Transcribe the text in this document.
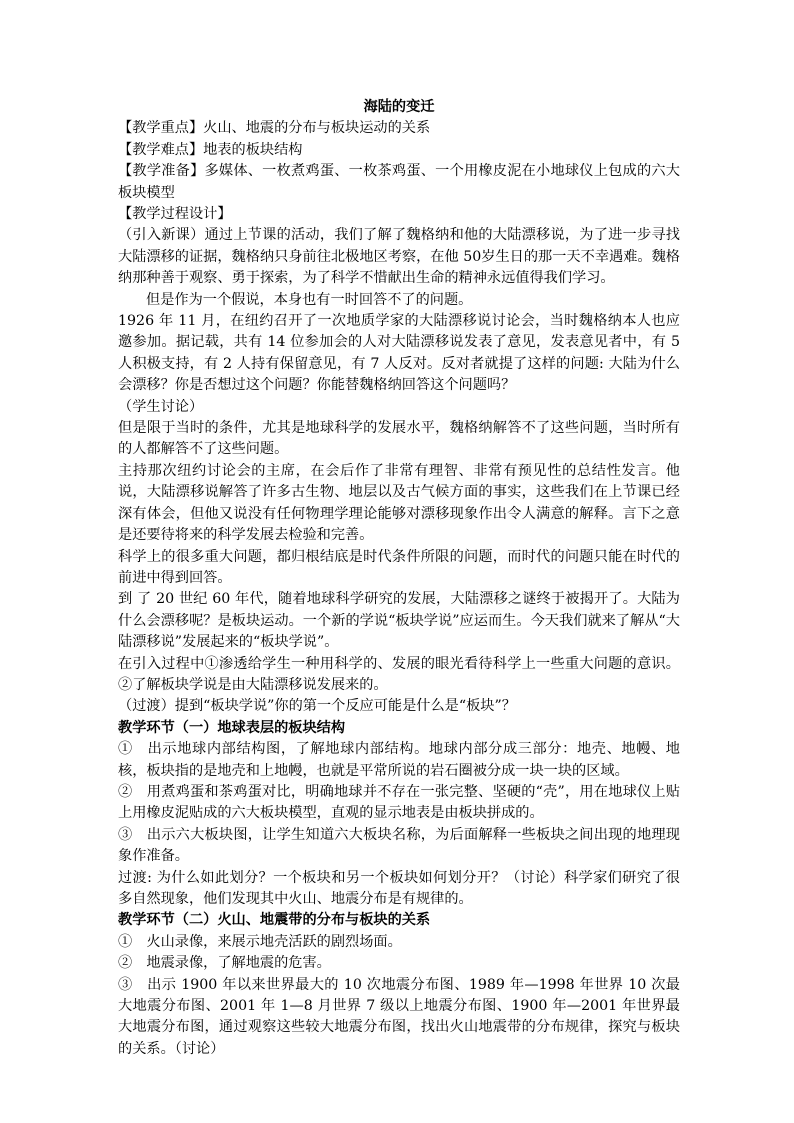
海陆的变迁

【教学重点】火山、地震的分布与板块运动的关系

【教学难点】地表的板块结构

【教学准备】多媒体、一枚煮鸡蛋、一枚茶鸡蛋、一个用橡皮泥在小地球仪上包成的六大板块模型

【教学过程设计】

（引入新课）通过上节课的活动，我们了解了魏格纳和他的大陆漂移说，为了进一步寻找大陆漂移的证据，魏格纳只身前往北极地区考察，在他 50岁生日的那一天不幸遇难。魏格纳那种善于观察、勇于探索，为了科学不惜献出生命的精神永远值得我们学习。

但是作为一个假说，本身也有一时回答不了的问题。

1926 年 11 月，在纽约召开了一次地质学家的大陆漂移说讨论会，当时魏格纳本人也应邀参加。据记载，共有 14 位参加会的人对大陆漂移说发表了意见，发表意见者中，有 5 人积极支持，有 2 人持有保留意见，有 7 人反对。反对者就提了这样的问题: 大陆为什么会漂移？你是否想过这个问题？你能替魏格纳回答这个问题吗？

（学生讨论）

但是限于当时的条件，尤其是地球科学的发展水平，魏格纳解答不了这些问题，当时所有的人都解答不了这些问题。

主持那次纽约讨论会的主席，在会后作了非常有理智、非常有预见性的总结性发言。他说，大陆漂移说解答了许多古生物、地层以及古气候方面的事实，这些我们在上节课已经深有体会，但他又说没有任何物理学理论能够对漂移现象作出令人满意的解释。言下之意是还要待将来的科学发展去检验和完善。

科学上的很多重大问题，都归根结底是时代条件所限的问题，而时代的问题只能在时代的前进中得到回答。

到 了 20 世纪 60 年代，随着地球科学研究的发展，大陆漂移之谜终于被揭开了。大陆为什么会漂移呢？是板块运动。一个新的学说“板块学说”应运而生。今天我们就来了解从“大陆漂移说”发展起来的“板块学说”。

在引入过程中①渗透给学生一种用科学的、发展的眼光看待科学上一些重大问题的意识。②了解板块学说是由大陆漂移说发展来的。

（过渡）提到“板块学说”你的第一个反应可能是什么是“板块”？

教学环节（一）地球表层的板块结构

①　出示地球内部结构图，了解地球内部结构。地球内部分成三部分：地壳、地幔、地核，板块指的是地壳和上地幔，也就是平常所说的岩石圈被分成一块一块的区域。

②　用煮鸡蛋和茶鸡蛋对比，明确地球并不存在一张完整、坚硬的“壳”，用在地球仪上贴上用橡皮泥贴成的六大板块模型，直观的显示地表是由板块拼成的。

③　出示六大板块图，让学生知道六大板块名称，为后面解释一些板块之间出现的地理现象作准备。

过渡: 为什么如此划分？一个板块和另一个板块如何划分开？（讨论）科学家们研究了很多自然现象，他们发现其中火山、地震分布是有规律的。

教学环节（二）火山、地震带的分布与板块的关系

①　火山录像，来展示地壳活跃的剧烈场面。

②　地震录像，了解地震的危害。

③　出示 1900 年以来世界最大的 10 次地震分布图、1989 年—1998 年世界 10 次最大地震分布图、2001 年 1—8 月世界 7 级以上地震分布图、1900 年—2001 年世界最大地震分布图，通过观察这些较大地震分布图，找出火山地震带的分布规律，探究与板块的关系。（讨论）
